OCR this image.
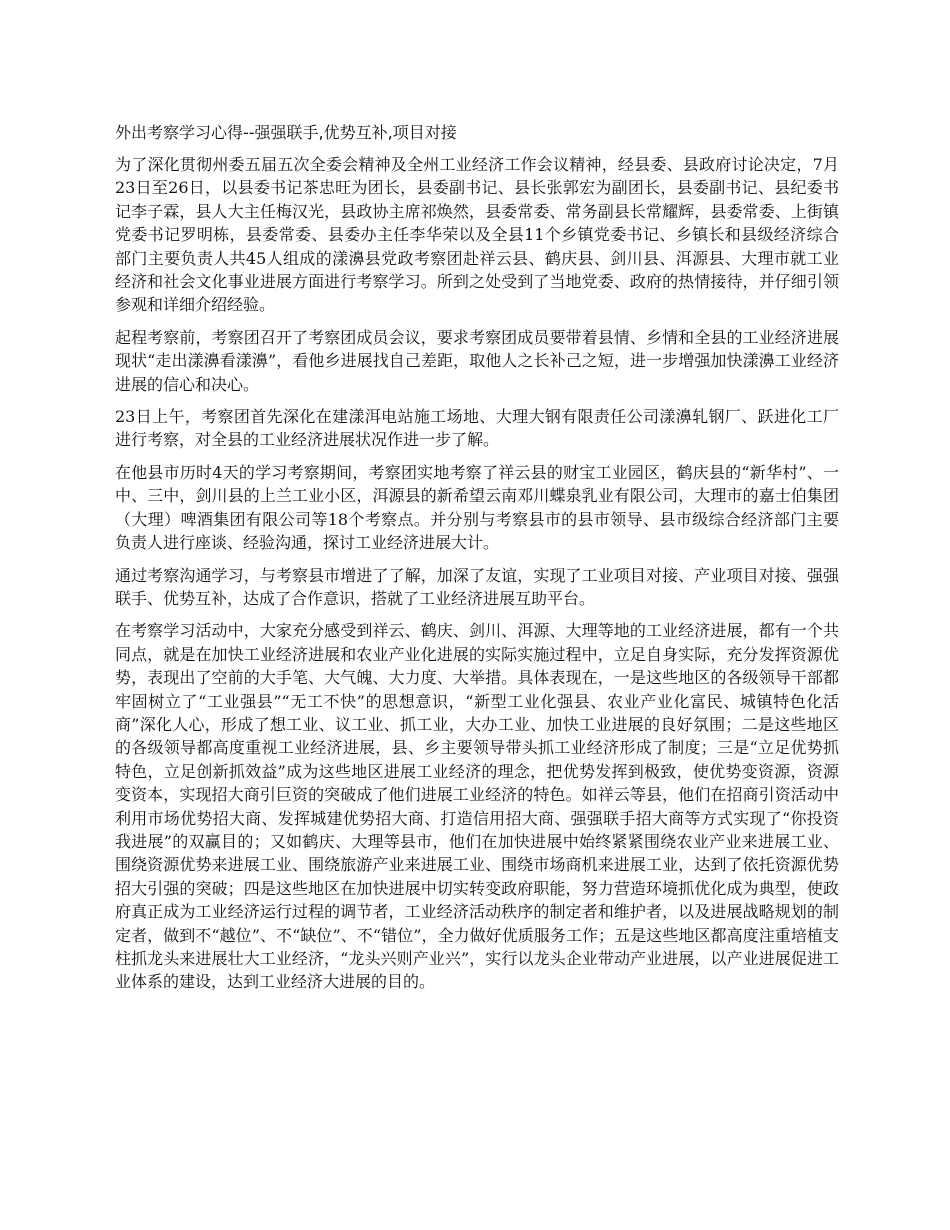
外出考察学习心得--强强联手,优势互补,项目对接

为了深化贯彻州委五届五次全委会精神及全州工业经济工作会议精神，经县委、县政府讨论决定，7月23日至26日，以县委书记茶忠旺为团长，县委副书记、县长张郭宏为副团长，县委副书记、县纪委书记李子霖，县人大主任梅汉光，县政协主席祁焕然，县委常委、常务副县长常耀辉，县委常委、上街镇党委书记罗明栋，县委常委、县委办主任李华荣以及全县11个乡镇党委书记、乡镇长和县级经济综合部门主要负责人共45人组成的漾濞县党政考察团赴祥云县、鹤庆县、剑川县、洱源县、大理市就工业经济和社会文化事业进展方面进行考察学习。所到之处受到了当地党委、政府的热情接待，并仔细引领参观和详细介绍经验。

起程考察前，考察团召开了考察团成员会议，要求考察团成员要带着县情、乡情和全县的工业经济进展现状“走出漾濞看漾濞”，看他乡进展找自己差距，取他人之长补己之短，进一步增强加快漾濞工业经济进展的信心和决心。

23日上午，考察团首先深化在建漾洱电站施工场地、大理大钢有限责任公司漾濞轧钢厂、跃进化工厂进行考察，对全县的工业经济进展状况作进一步了解。

在他县市历时4天的学习考察期间，考察团实地考察了祥云县的财宝工业园区，鹤庆县的“新华村”、一中、三中，剑川县的上兰工业小区，洱源县的新希望云南邓川蝶泉乳业有限公司，大理市的嘉士伯集团（大理）啤酒集团有限公司等18个考察点。并分别与考察县市的县市领导、县市级综合经济部门主要负责人进行座谈、经验沟通，探讨工业经济进展大计。

通过考察沟通学习，与考察县市增进了了解，加深了友谊，实现了工业项目对接、产业项目对接、强强联手、优势互补，达成了合作意识，搭就了工业经济进展互助平台。

在考察学习活动中，大家充分感受到祥云、鹤庆、剑川、洱源、大理等地的工业经济进展，都有一个共同点，就是在加快工业经济进展和农业产业化进展的实际实施过程中，立足自身实际，充分发挥资源优势，表现出了空前的大手笔、大气魄、大力度、大举措。具体表现在，一是这些地区的各级领导干部都牢固树立了“工业强县”“无工不快”的思想意识，“新型工业化强县、农业产业化富民、城镇特色化活商”深化人心，形成了想工业、议工业、抓工业，大办工业、加快工业进展的良好氛围；二是这些地区的各级领导都高度重视工业经济进展，县、乡主要领导带头抓工业经济形成了制度；三是“立足优势抓特色，立足创新抓效益”成为这些地区进展工业经济的理念，把优势发挥到极致，使优势变资源，资源变资本，实现招大商引巨资的突破成了他们进展工业经济的特色。如祥云等县，他们在招商引资活动中利用市场优势招大商、发挥城建优势招大商、打造信用招大商、强强联手招大商等方式实现了“你投资我进展”的双赢目的；又如鹤庆、大理等县市，他们在加快进展中始终紧紧围绕农业产业来进展工业、围绕资源优势来进展工业、围绕旅游产业来进展工业、围绕市场商机来进展工业，达到了依托资源优势招大引强的突破；四是这些地区在加快进展中切实转变政府职能，努力营造环境抓优化成为典型，使政府真正成为工业经济运行过程的调节者，工业经济活动秩序的制定者和维护者，以及进展战略规划的制定者，做到不“越位”、不“缺位”、不“错位”，全力做好优质服务工作；五是这些地区都高度注重培植支柱抓龙头来进展壮大工业经济，“龙头兴则产业兴”，实行以龙头企业带动产业进展，以产业进展促进工业体系的建设，达到工业经济大进展的目的。
